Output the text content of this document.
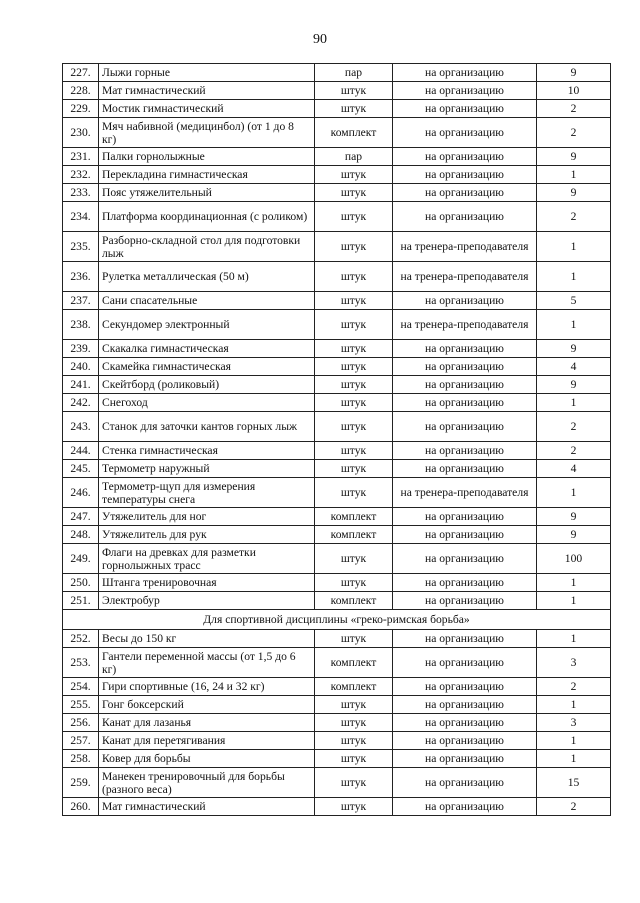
90
227.	Лыжи горные	пар	на организацию	9
228.	Мат гимнастический	штук	на организацию	10
229.	Мостик гимнастический	штук	на организацию	2
230.	Мяч набивной (медицинбол) (от 1 до 8 кг)	комплект	на организацию	2
231.	Палки горнолыжные	пар	на организацию	9
232.	Перекладина гимнастическая	штук	на организацию	1
233.	Пояс утяжелительный	штук	на организацию	9
234.	Платформа координационная (с роликом)	штук	на организацию	2
235.	Разборно-складной стол для подготовки лыж	штук	на тренера-преподавателя	1
236.	Рулетка металлическая (50 м)	штук	на тренера-преподавателя	1
237.	Сани спасательные	штук	на организацию	5
238.	Секундомер электронный	штук	на тренера-преподавателя	1
239.	Скакалка гимнастическая	штук	на организацию	9
240.	Скамейка гимнастическая	штук	на организацию	4
241.	Скейтборд (роликовый)	штук	на организацию	9
242.	Снегоход	штук	на организацию	1
243.	Станок для заточки кантов горных лыж	штук	на организацию	2
244.	Стенка гимнастическая	штук	на организацию	2
245.	Термометр наружный	штук	на организацию	4
246.	Термометр-щуп для измерения температуры снега	штук	на тренера-преподавателя	1
247.	Утяжелитель для ног	комплект	на организацию	9
248.	Утяжелитель для рук	комплект	на организацию	9
249.	Флаги на древках для разметки горнолыжных трасс	штук	на организацию	100
250.	Штанга тренировочная	штук	на организацию	1
251.	Электробур	комплект	на организацию	1
Для спортивной дисциплины «греко-римская борьба»				
252.	Весы до 150 кг	штук	на организацию	1
253.	Гантели переменной массы (от 1,5 до 6 кг)	комплект	на организацию	3
254.	Гири спортивные (16, 24 и 32 кг)	комплект	на организацию	2
255.	Гонг боксерский	штук	на организацию	1
256.	Канат для лазанья	штук	на организацию	3
257.	Канат для перетягивания	штук	на организацию	1
258.	Ковер для борьбы	штук	на организацию	1
259.	Манекен тренировочный для борьбы (разного веса)	штук	на организацию	15
260.	Мат гимнастический	штук	на организацию	2
